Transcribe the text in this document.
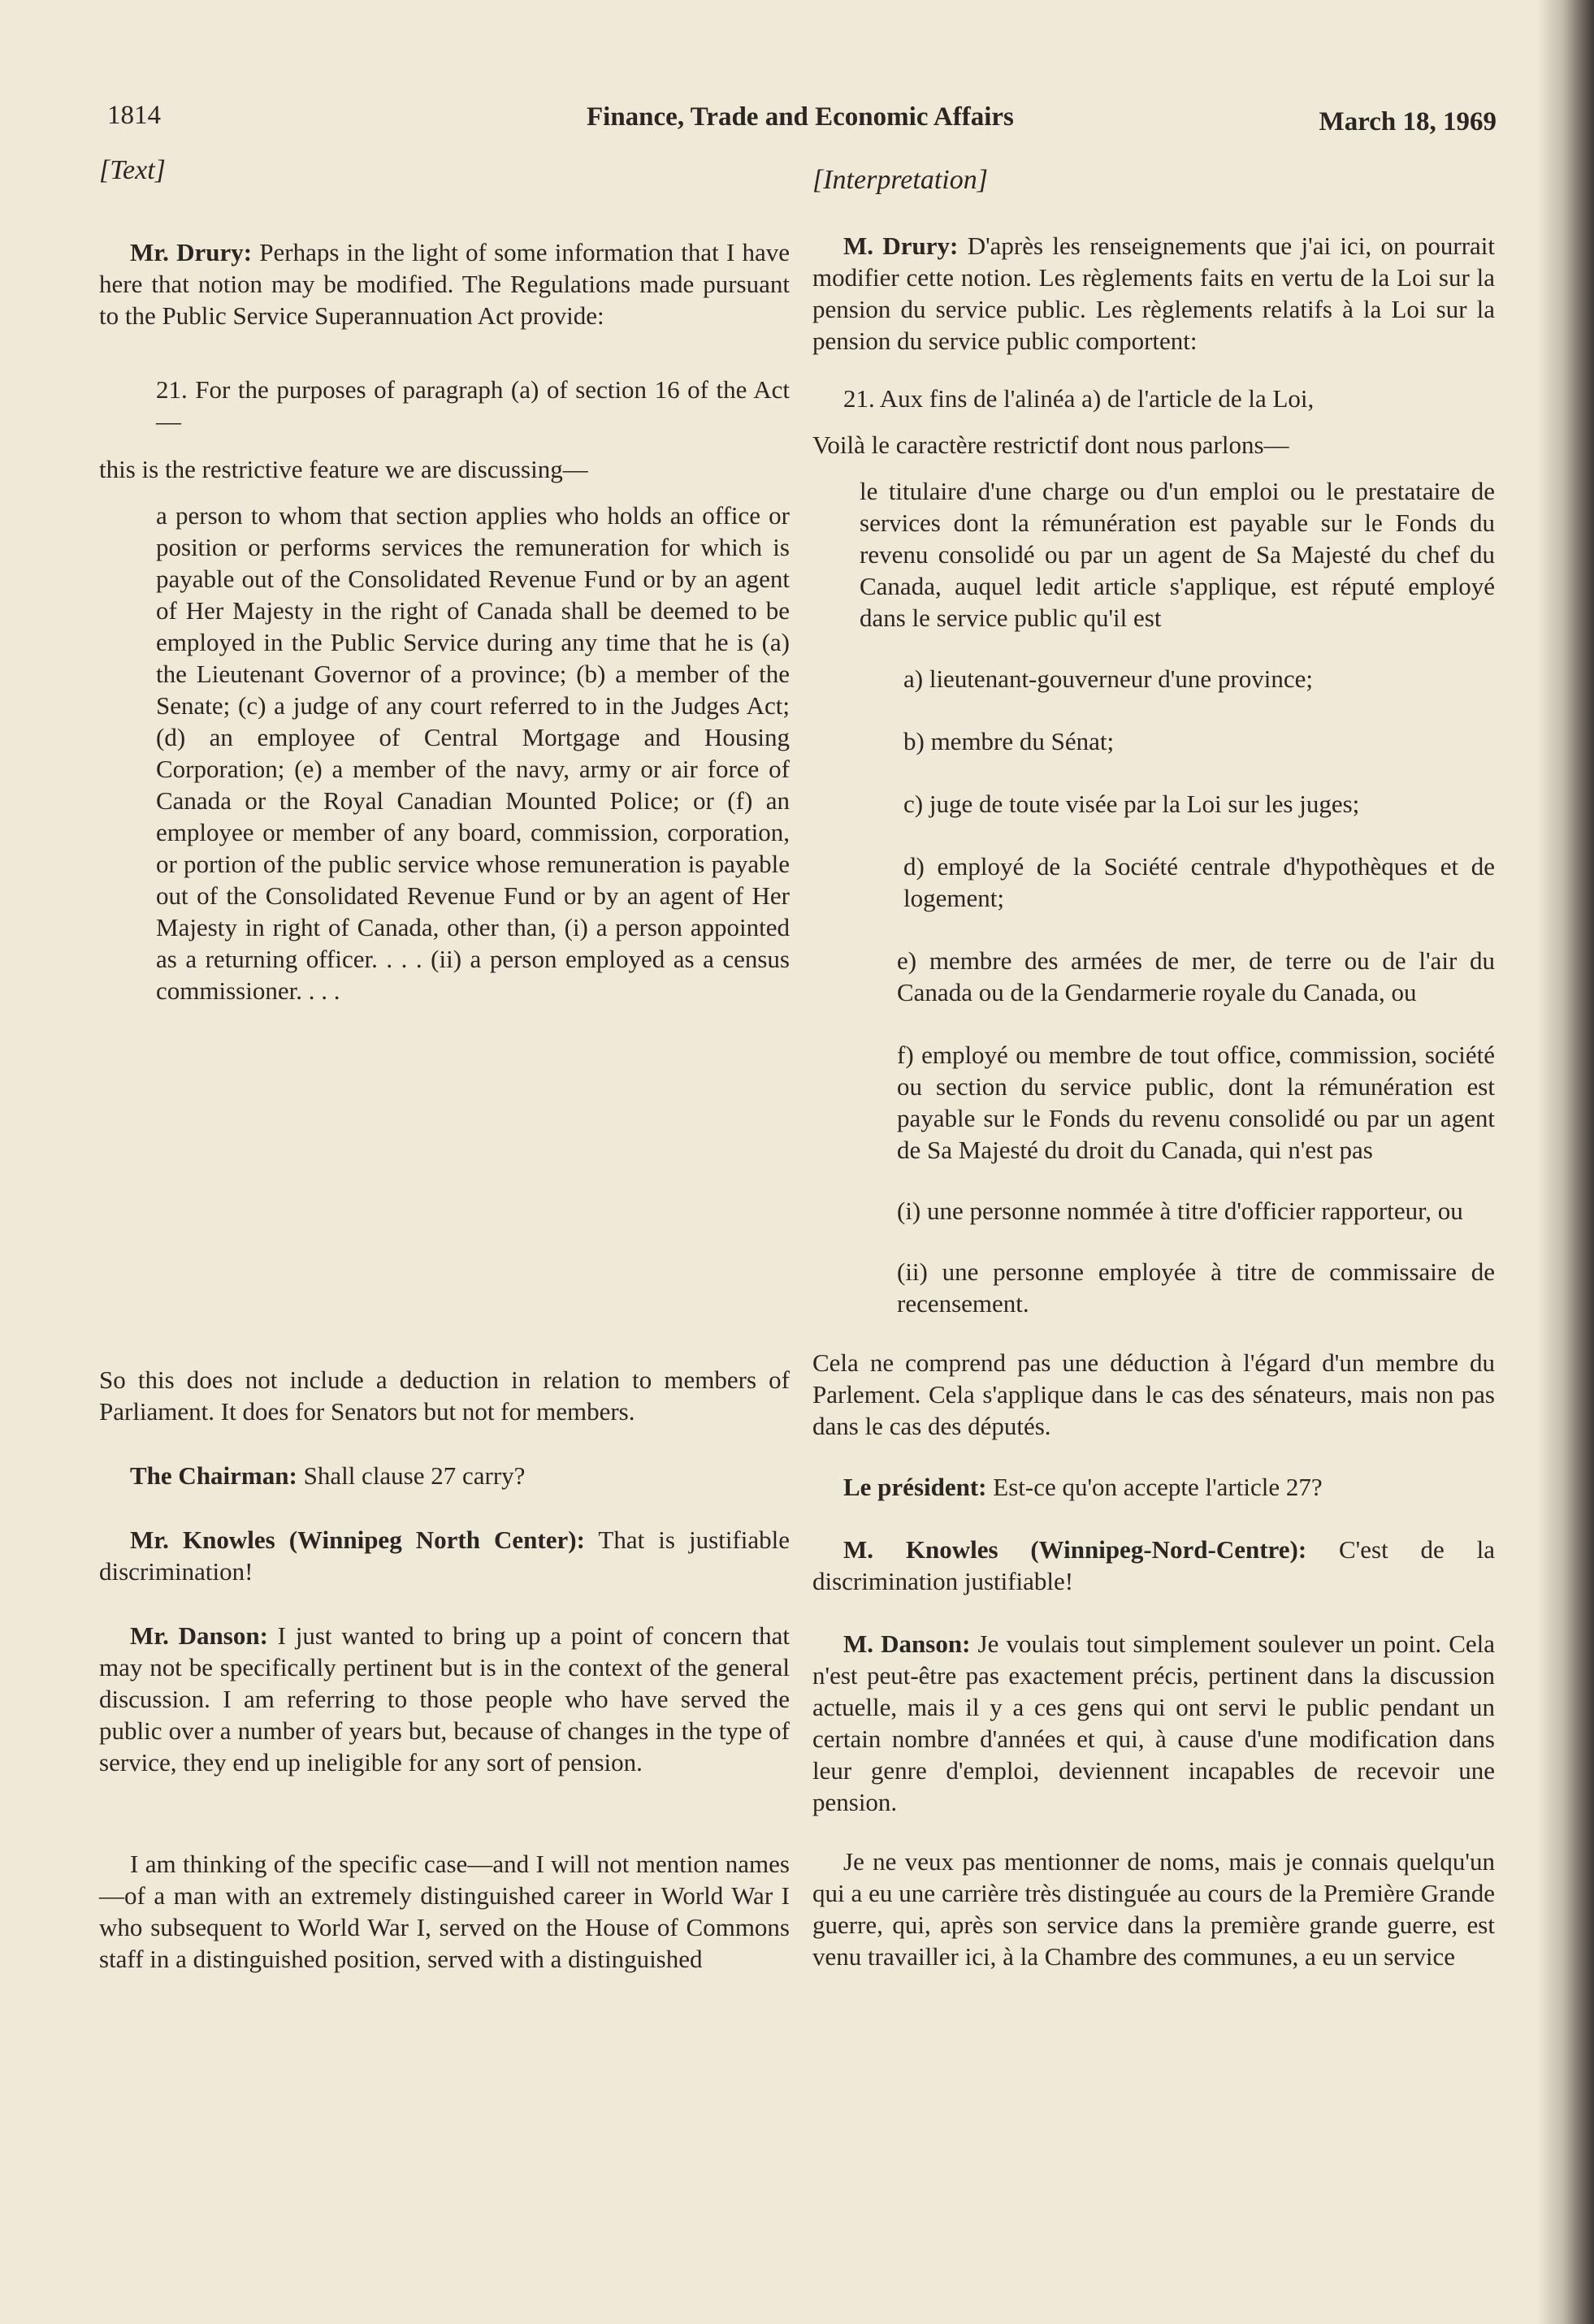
1814	Finance, Trade and Economic Affairs	March 18, 1969

[Text]

Mr. Drury: Perhaps in the light of some information that I have here that notion may be modified. The Regulations made pursuant to the Public Service Superannuation Act provide:

21. For the purposes of paragraph (a) of section 16 of the Act—

this is the restrictive feature we are discussing—

a person to whom that section applies who holds an office or position or performs services the remuneration for which is payable out of the Consolidated Revenue Fund or by an agent of Her Majesty in the right of Canada shall be deemed to be employed in the Public Service during any time that he is (a) the Lieutenant Governor of a province; (b) a member of the Senate; (c) a judge of any court referred to in the Judges Act; (d) an employee of Central Mortgage and Housing Corporation; (e) a member of the navy, army or air force of Canada or the Royal Canadian Mounted Police; or (f) an employee or member of any board, commission, corporation, or portion of the public service whose remuneration is payable out of the Consolidated Revenue Fund or by an agent of Her Majesty in right of Canada, other than, (i) a person appointed as a returning officer. . . . (ii) a person employed as a census commissioner. . . .

So this does not include a deduction in relation to members of Parliament. It does for Senators but not for members.

The Chairman: Shall clause 27 carry?

Mr. Knowles (Winnipeg North Center): That is justifiable discrimination!

Mr. Danson: I just wanted to bring up a point of concern that may not be specifically pertinent but is in the context of the general discussion. I am referring to those people who have served the public over a number of years but, because of changes in the type of service, they end up ineligible for any sort of pension.

I am thinking of the specific case—and I will not mention names—of a man with an extremely distinguished career in World War I who subsequent to World War I, served on the House of Commons staff in a distinguished position, served with a distinguished

[Interpretation]

M. Drury: D'après les renseignements que j'ai ici, on pourrait modifier cette notion. Les règlements faits en vertu de la Loi sur la pension du service public. Les règlements relatifs à la Loi sur la pension du service public comportent:

21. Aux fins de l'alinéa a) de l'article de la Loi,

Voilà le caractère restrictif dont nous parlons—

le titulaire d'une charge ou d'un emploi ou le prestataire de services dont la rémunération est payable sur le Fonds du revenu consolidé ou par un agent de Sa Majesté du chef du Canada, auquel ledit article s'applique, est réputé employé dans le service public qu'il est

a) lieutenant-gouverneur d'une province;

b) membre du Sénat;

c) juge de toute visée par la Loi sur les juges;

d) employé de la Société centrale d'hypothèques et de logement;

e) membre des armées de mer, de terre ou de l'air du Canada ou de la Gendarmerie royale du Canada, ou

f) employé ou membre de tout office, commission, société ou section du service public, dont la rémunération est payable sur le Fonds du revenu consolidé ou par un agent de Sa Majesté du droit du Canada, qui n'est pas

(i) une personne nommée à titre d'officier rapporteur, ou

(ii) une personne employée à titre de commissaire de recensement.

Cela ne comprend pas une déduction à l'égard d'un membre du Parlement. Cela s'applique dans le cas des sénateurs, mais non pas dans le cas des députés.

Le président: Est-ce qu'on accepte l'article 27?

M. Knowles (Winnipeg-Nord-Centre): C'est de la discrimination justifiable!

M. Danson: Je voulais tout simplement soulever un point. Cela n'est peut-être pas exactement précis, pertinent dans la discussion actuelle, mais il y a ces gens qui ont servi le public pendant un certain nombre d'années et qui, à cause d'une modification dans leur genre d'emploi, deviennent incapables de recevoir une pension.

Je ne veux pas mentionner de noms, mais je connais quelqu'un qui a eu une carrière très distinguée au cours de la Première Grande guerre, qui, après son service dans la première grande guerre, est venu travailler ici, à la Chambre des communes, a eu un service
